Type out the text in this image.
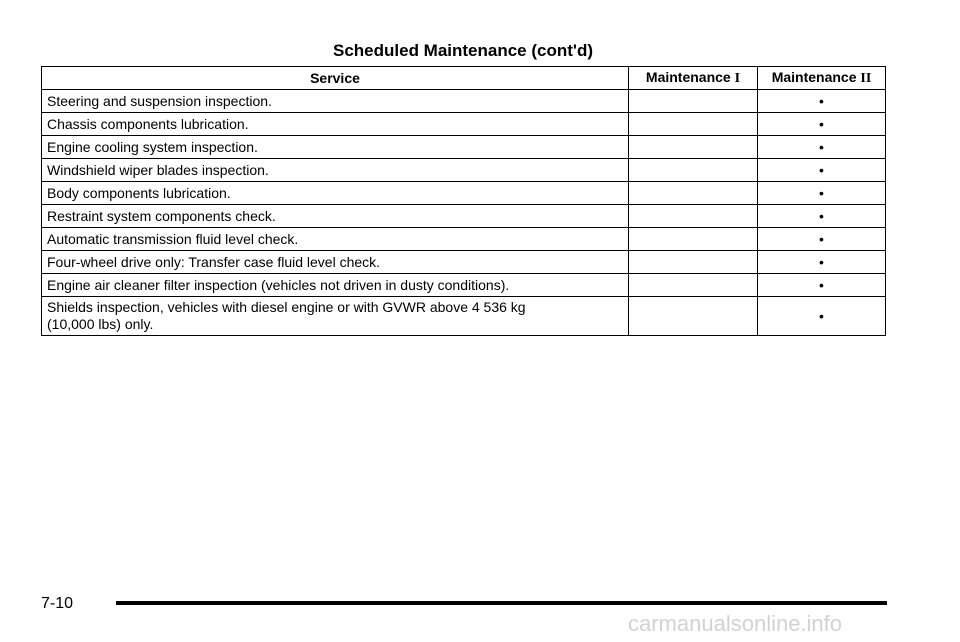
Scheduled Maintenance (cont'd)
Service	Maintenance I	Maintenance II
Steering and suspension inspection.		•
Chassis components lubrication.		•
Engine cooling system inspection.		•
Windshield wiper blades inspection.		•
Body components lubrication.		•
Restraint system components check.		•
Automatic transmission fluid level check.		•
Four-wheel drive only: Transfer case fluid level check.		•
Engine air cleaner filter inspection (vehicles not driven in dusty conditions).		•
Shields inspection, vehicles with diesel engine or with GVWR above 4 536 kg
(10,000 lbs) only.		•
7-10
carmanualsonline.info
